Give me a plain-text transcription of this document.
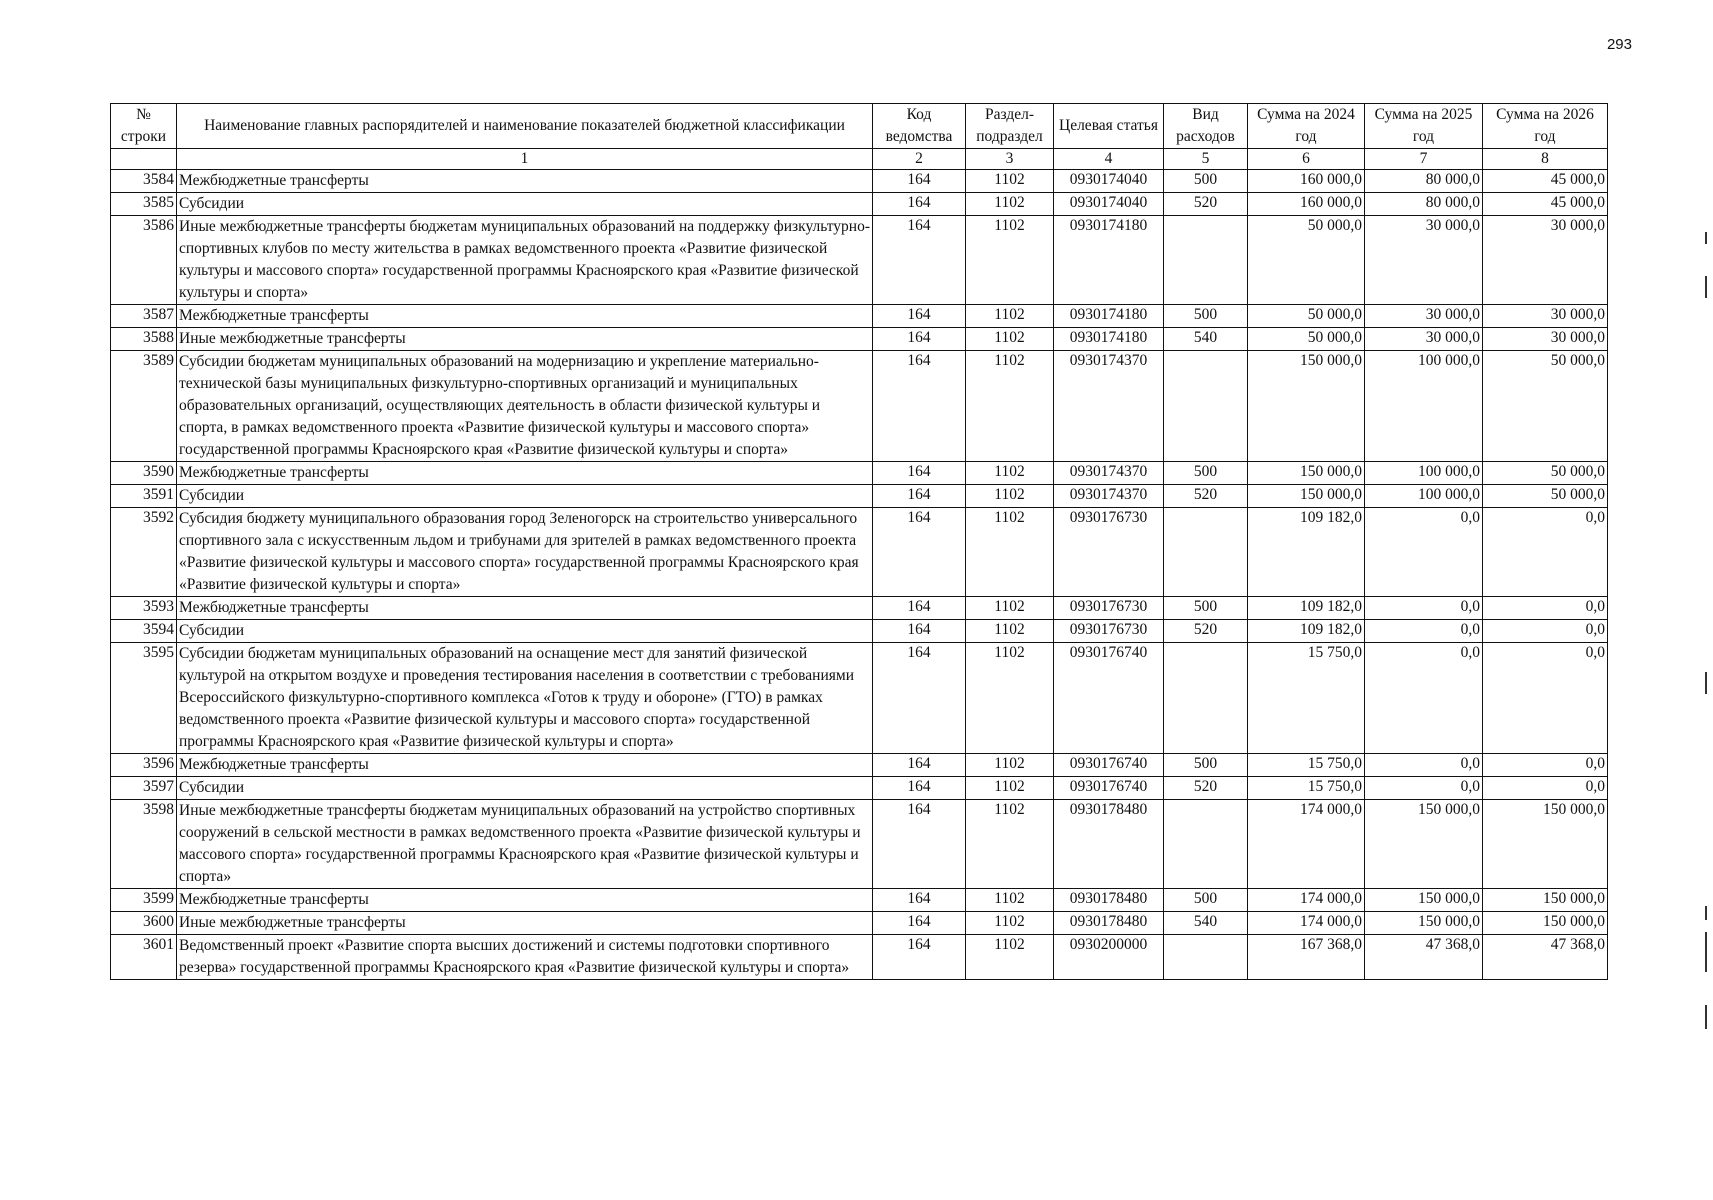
293
№ строки	Наименование главных распорядителей и наименование показателей бюджетной классификации	Код ведомства	Раздел-подраздел	Целевая статья	Вид расходов	Сумма на 2024 год	Сумма на 2025 год	Сумма на 2026 год
	1	2	3	4	5	6	7	8
3584	Межбюджетные трансферты	164	1102	0930174040	500	160 000,0	80 000,0	45 000,0
3585	Субсидии	164	1102	0930174040	520	160 000,0	80 000,0	45 000,0
3586	Иные межбюджетные трансферты бюджетам муниципальных образований на поддержку физкультурно-спортивных клубов по месту жительства в рамках ведомственного проекта «Развитие физической культуры и массового спорта» государственной программы Красноярского края «Развитие физической культуры и спорта»	164	1102	0930174180		50 000,0	30 000,0	30 000,0
3587	Межбюджетные трансферты	164	1102	0930174180	500	50 000,0	30 000,0	30 000,0
3588	Иные межбюджетные трансферты	164	1102	0930174180	540	50 000,0	30 000,0	30 000,0
3589	Субсидии бюджетам муниципальных образований на модернизацию и укрепление материально-технической базы муниципальных физкультурно-спортивных организаций и муниципальных образовательных организаций, осуществляющих деятельность в области физической культуры и спорта, в рамках ведомственного проекта «Развитие физической культуры и массового спорта» государственной программы Красноярского края «Развитие физической культуры и спорта»	164	1102	0930174370		150 000,0	100 000,0	50 000,0
3590	Межбюджетные трансферты	164	1102	0930174370	500	150 000,0	100 000,0	50 000,0
3591	Субсидии	164	1102	0930174370	520	150 000,0	100 000,0	50 000,0
3592	Субсидия бюджету муниципального образования город Зеленогорск на строительство универсального спортивного зала с искусственным льдом и трибунами для зрителей в рамках ведомственного проекта «Развитие физической культуры и массового спорта» государственной программы Красноярского края «Развитие физической культуры и спорта»	164	1102	0930176730		109 182,0	0,0	0,0
3593	Межбюджетные трансферты	164	1102	0930176730	500	109 182,0	0,0	0,0
3594	Субсидии	164	1102	0930176730	520	109 182,0	0,0	0,0
3595	Субсидии бюджетам муниципальных образований на оснащение мест для занятий физической культурой на открытом воздухе и проведения тестирования населения в соответствии с требованиями Всероссийского физкультурно-спортивного комплекса «Готов к труду и обороне» (ГТО) в рамках ведомственного проекта «Развитие физической культуры и массового спорта» государственной программы Красноярского края «Развитие физической культуры и спорта»	164	1102	0930176740		15 750,0	0,0	0,0
3596	Межбюджетные трансферты	164	1102	0930176740	500	15 750,0	0,0	0,0
3597	Субсидии	164	1102	0930176740	520	15 750,0	0,0	0,0
3598	Иные межбюджетные трансферты бюджетам муниципальных образований на устройство спортивных сооружений в сельской местности в рамках ведомственного проекта «Развитие физической культуры и массового спорта» государственной программы Красноярского края «Развитие физической культуры и спорта»	164	1102	0930178480		174 000,0	150 000,0	150 000,0
3599	Межбюджетные трансферты	164	1102	0930178480	500	174 000,0	150 000,0	150 000,0
3600	Иные межбюджетные трансферты	164	1102	0930178480	540	174 000,0	150 000,0	150 000,0
3601	Ведомственный проект «Развитие спорта высших достижений и системы подготовки спортивного резерва» государственной программы Красноярского края «Развитие физической культуры и спорта»	164	1102	0930200000		167 368,0	47 368,0	47 368,0
